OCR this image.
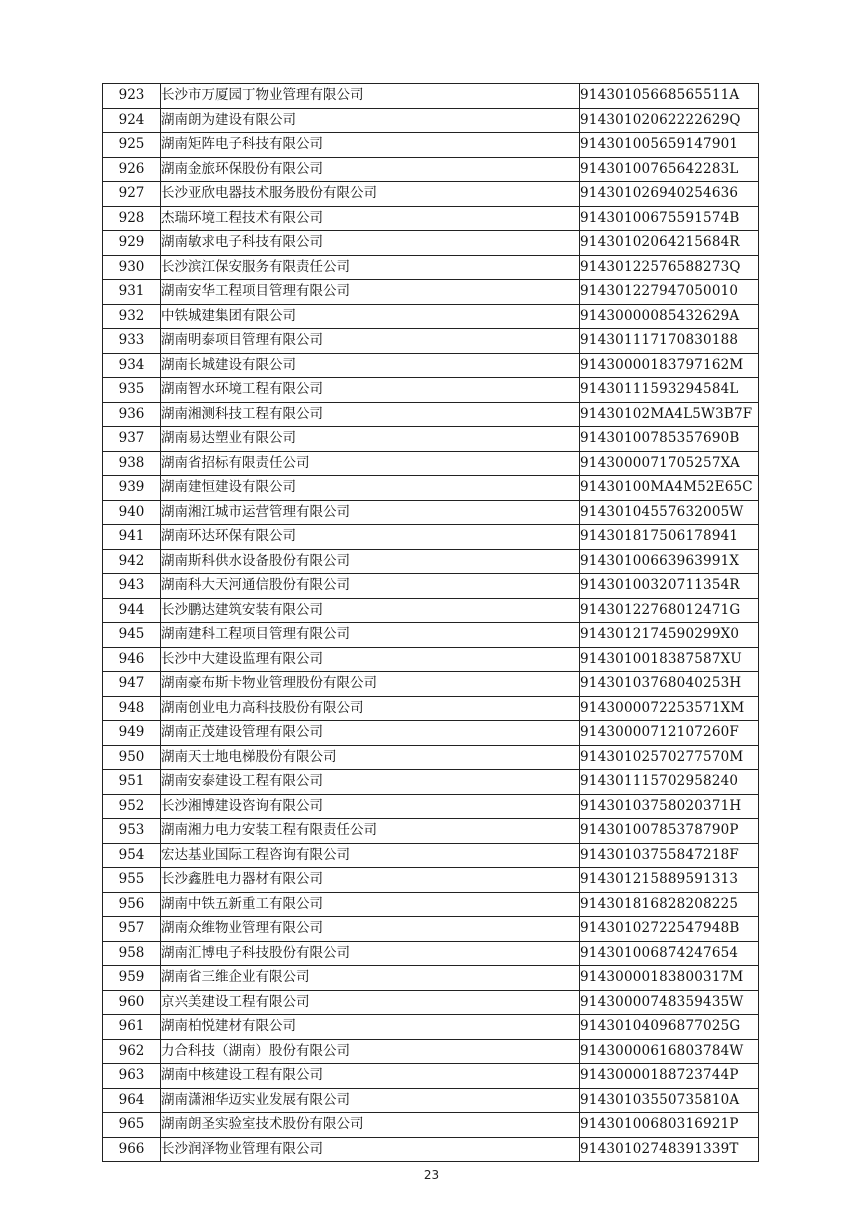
923	长沙市万厦园丁物业管理有限公司	91430105668565511A
924	湖南朗为建设有限公司	91430102062222629Q
925	湖南矩阵电子科技有限公司	914301005659147901
926	湖南金旅环保股份有限公司	91430100765642283L
927	长沙亚欣电器技术服务股份有限公司	914301026940254636
928	杰瑞环境工程技术有限公司	91430100675591574B
929	湖南敏求电子科技有限公司	91430102064215684R
930	长沙滨江保安服务有限责任公司	91430122576588273Q
931	湖南安华工程项目管理有限公司	914301227947050010
932	中铁城建集团有限公司	91430000085432629A
933	湖南明泰项目管理有限公司	914301117170830188
934	湖南长城建设有限公司	91430000183797162M
935	湖南智水环境工程有限公司	91430111593294584L
936	湖南湘测科技工程有限公司	91430102MA4L5W3B7F
937	湖南易达塑业有限公司	91430100785357690B
938	湖南省招标有限责任公司	9143000071705257XA
939	湖南建恒建设有限公司	91430100MA4M52E65C
940	湖南湘江城市运营管理有限公司	91430104557632005W
941	湖南环达环保有限公司	914301817506178941
942	湖南斯科供水设备股份有限公司	91430100663963991X
943	湖南科大天河通信股份有限公司	91430100320711354R
944	长沙鹏达建筑安装有限公司	91430122768012471G
945	湖南建科工程项目管理有限公司	9143012174590299X0
946	长沙中大建设监理有限公司	9143010018387587XU
947	湖南豪布斯卡物业管理股份有限公司	91430103768040253H
948	湖南创业电力高科技股份有限公司	91430000722535​71XM
949	湖南正茂建设管理有限公司	91430000712107260F
950	湖南天士地电梯股份有限公司	91430102570277570M
951	湖南安泰建设工程有限公司	914301115702958240
952	长沙湘博建设咨询有限公司	91430103758020371H
953	湖南湘力电力安装工程有限责任公司	91430100785378790P
954	宏达基业国际工程咨询有限公司	91430103755847218F
955	长沙鑫胜电力器材有限公司	914301215889591313
956	湖南中铁五新重工有限公司	914301816828208225
957	湖南众维物业管理有限公司	91430102722547948B
958	湖南汇博电子科技股份有限公司	914301006874247654
959	湖南省三维企业有限公司	91430000183800317M
960	京兴美建设工程有限公司	91430000748359435W
961	湖南柏悦建材有限公司	91430104096877025G
962	力合科技（湖南）股份有限公司	91430000616803784W
963	湖南中核建设工程有限公司	91430000188723744P
964	湖南潇湘华迈实业发展有限公司	91430103550735810A
965	湖南朗圣实验室技术股份有限公司	91430100680316921P
966	长沙润泽物业管理有限公司	91430102748391339T
23
